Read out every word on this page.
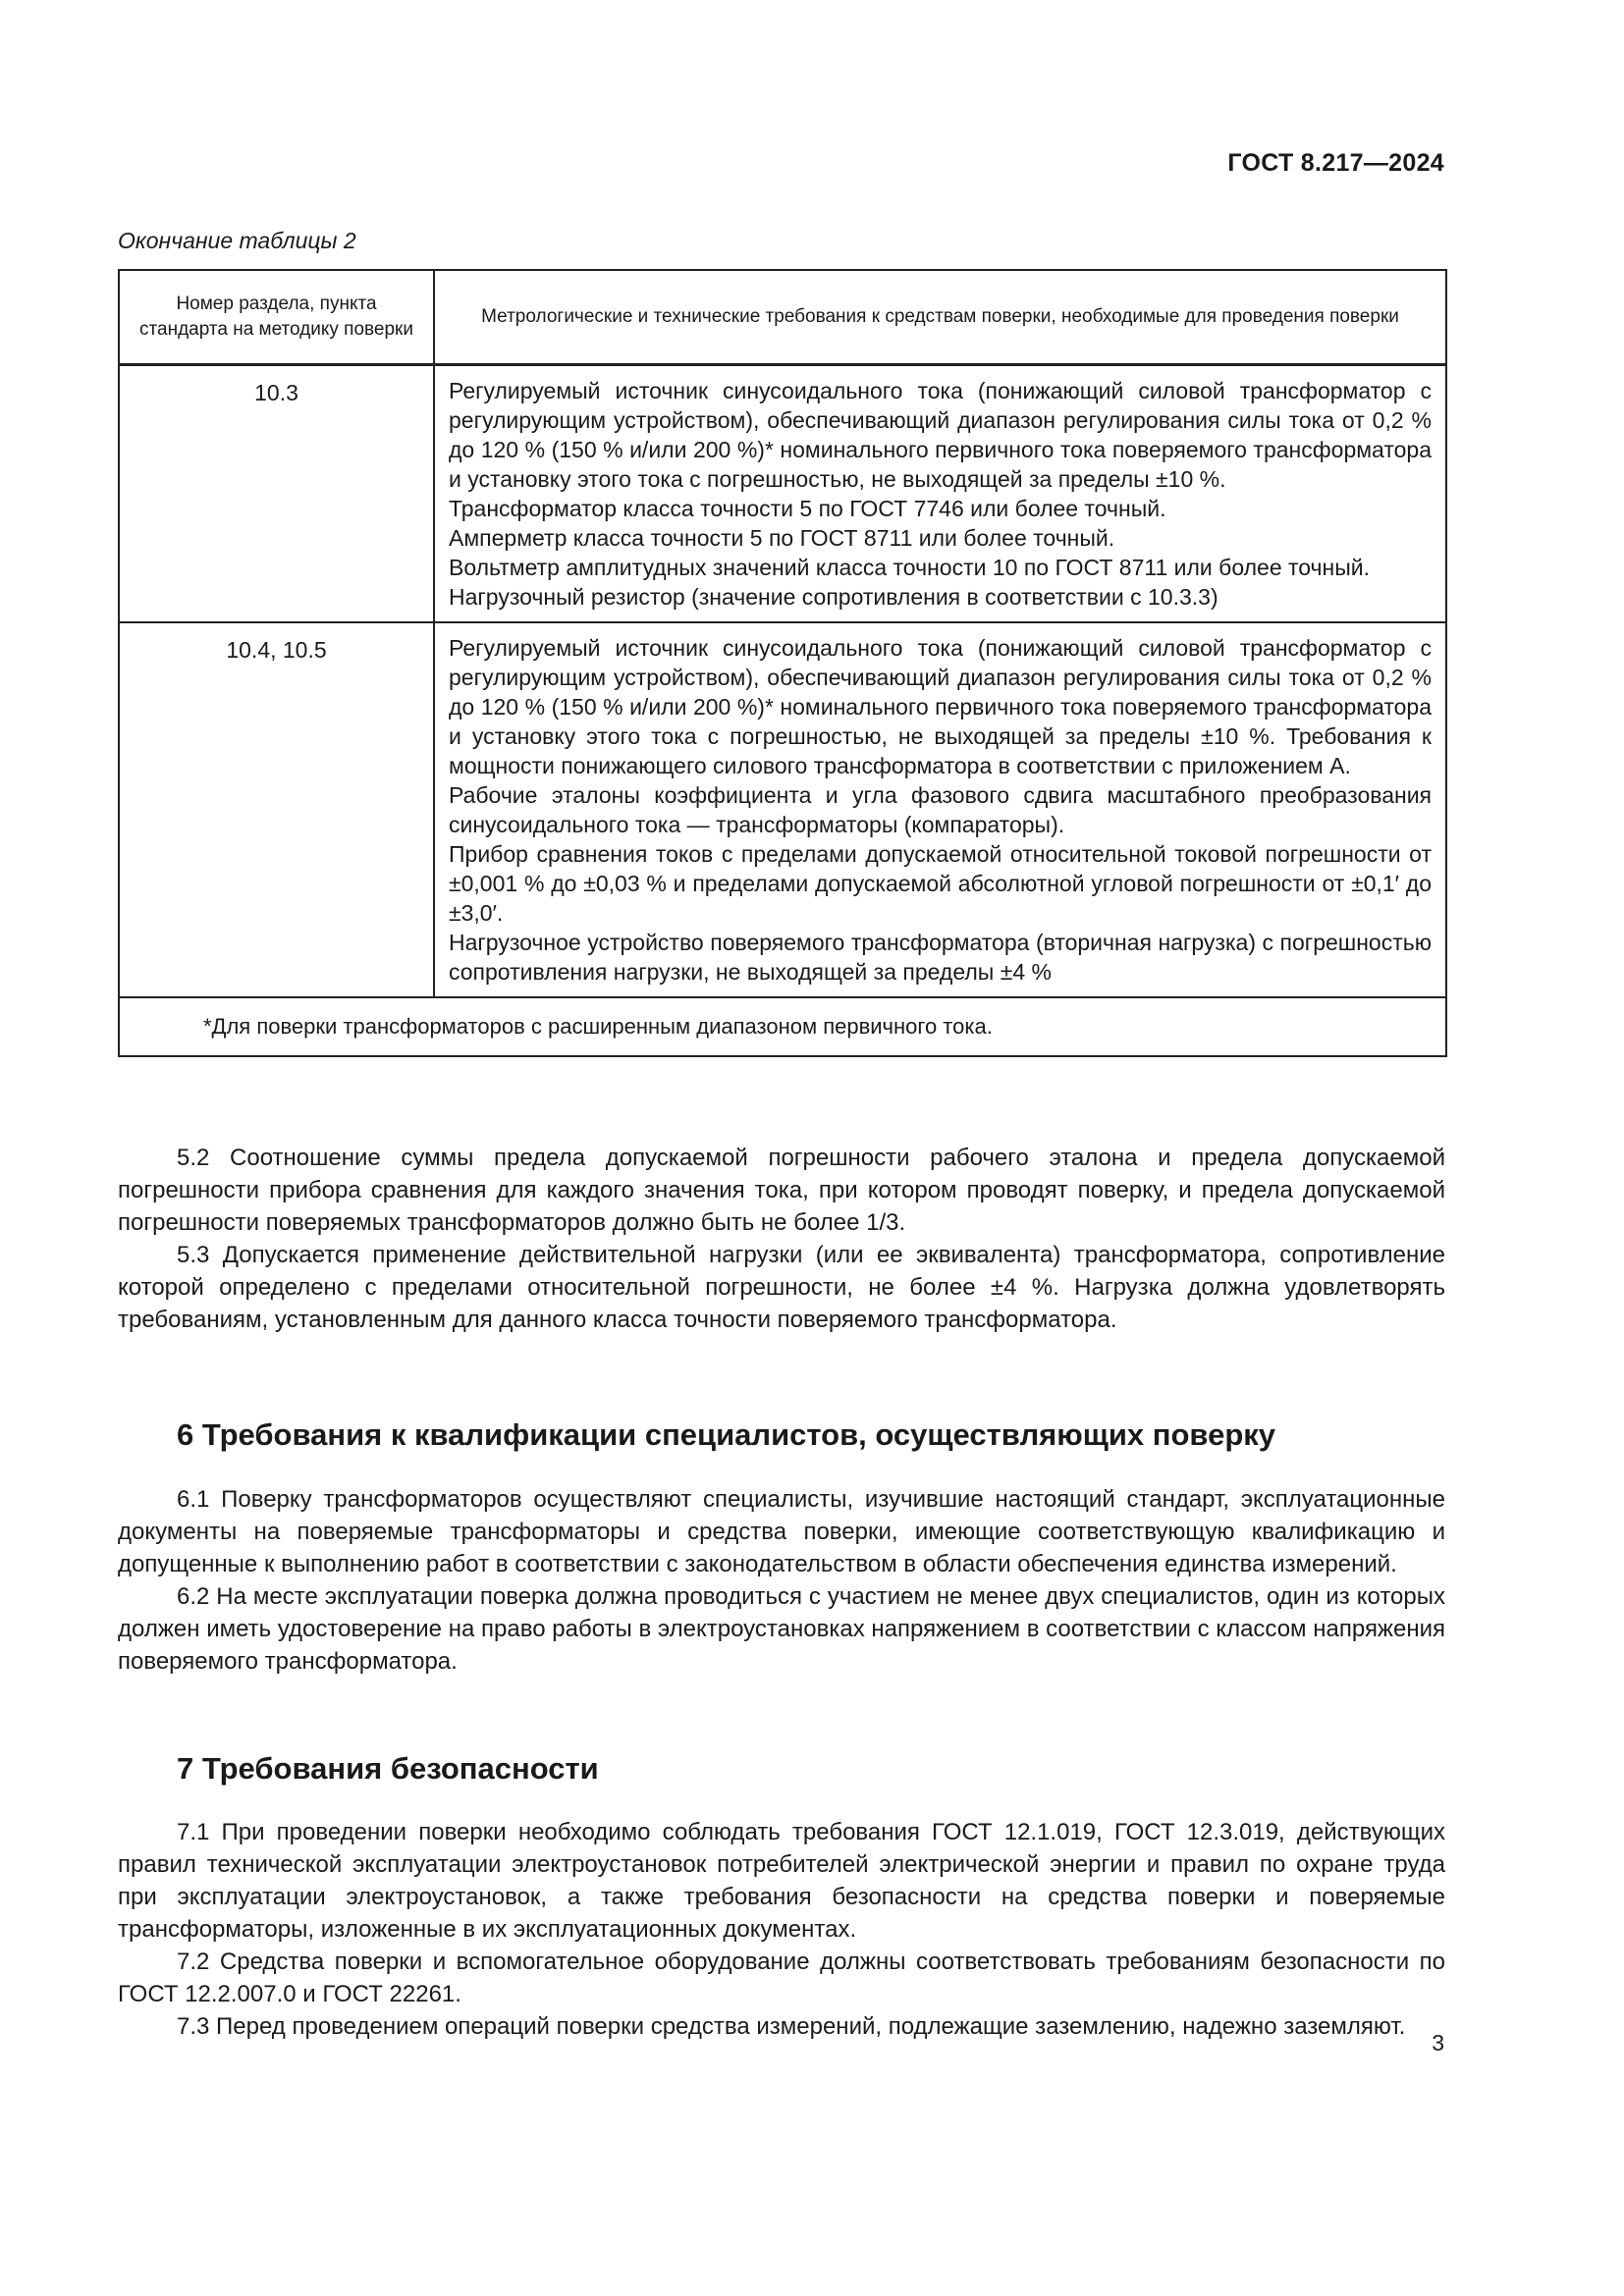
ГОСТ 8.217—2024
Окончание таблицы 2
Номер раздела, пункта стандарта на методику поверки	Метрологические и технические требования к средствам поверки, необходимые для проведения поверки
10.3	Регулируемый источник синусоидального тока (понижающий силовой трансформатор с регулирующим устройством), обеспечивающий диапазон регулирования силы тока от 0,2 % до 120 % (150 % и/или 200 %)* номинального первичного тока поверяемого трансформатора и установку этого тока с погрешностью, не выходящей за пределы ±10 %.
Трансформатор класса точности 5 по ГОСТ 7746 или более точный.
Амперметр класса точности 5 по ГОСТ 8711 или более точный.
Вольтметр амплитудных значений класса точности 10 по ГОСТ 8711 или более точный.
Нагрузочный резистор (значение сопротивления в соответствии с 10.3.3)

10.4, 10.5	Регулируемый источник синусоидального тока (понижающий силовой трансформатор с регулирующим устройством), обеспечивающий диапазон регулирования силы тока от 0,2 % до 120 % (150 % и/или 200 %)* номинального первичного тока поверяемого трансформатора и установку этого тока с погрешностью, не выходящей за пределы ±10 %. Требования к мощности понижающего силового трансформатора в соответствии с приложением А.
Рабочие эталоны коэффициента и угла фазового сдвига масштабного преобразования синусоидального тока — трансформаторы (компараторы).
Прибор сравнения токов с пределами допускаемой относительной токовой погрешности от ±0,001 % до ±0,03 % и пределами допускаемой абсолютной угловой погрешности от ±0,1′ до ±3,0′.
Нагрузочное устройство поверяемого трансформатора (вторичная нагрузка) с погрешностью сопротивления нагрузки, не выходящей за пределы ±4 %

*Для поверки трансформаторов с расширенным диапазоном первичного тока.	

5.2 Соотношение суммы предела допускаемой погрешности рабочего эталона и предела допускаемой погрешности прибора сравнения для каждого значения тока, при котором проводят поверку, и предела допускаемой погрешности поверяемых трансформаторов должно быть не более 1/3.

5.3 Допускается применение действительной нагрузки (или ее эквивалента) трансформатора, сопротивление которой определено с пределами относительной погрешности, не более ±4 %. Нагрузка должна удовлетворять требованиям, установленным для данного класса точности поверяемого трансформатора.

6 Требования к квалификации специалистов, осуществляющих поверку

6.1 Поверку трансформаторов осуществляют специалисты, изучившие настоящий стандарт, эксплуатационные документы на поверяемые трансформаторы и средства поверки, имеющие соответствующую квалификацию и допущенные к выполнению работ в соответствии с законодательством в области обеспечения единства измерений.

6.2 На месте эксплуатации поверка должна проводиться с участием не менее двух специалистов, один из которых должен иметь удостоверение на право работы в электроустановках напряжением в соответствии с классом напряжения поверяемого трансформатора.

7 Требования безопасности

7.1 При проведении поверки необходимо соблюдать требования ГОСТ 12.1.019, ГОСТ 12.3.019, действующих правил технической эксплуатации электроустановок потребителей электрической энергии и правил по охране труда при эксплуатации электроустановок, а также требования безопасности на средства поверки и поверяемые трансформаторы, изложенные в их эксплуатационных документах.

7.2 Средства поверки и вспомогательное оборудование должны соответствовать требованиям безопасности по ГОСТ 12.2.007.0 и ГОСТ 22261.

7.3 Перед проведением операций поверки средства измерений, подлежащие заземлению, надежно заземляют.

3
